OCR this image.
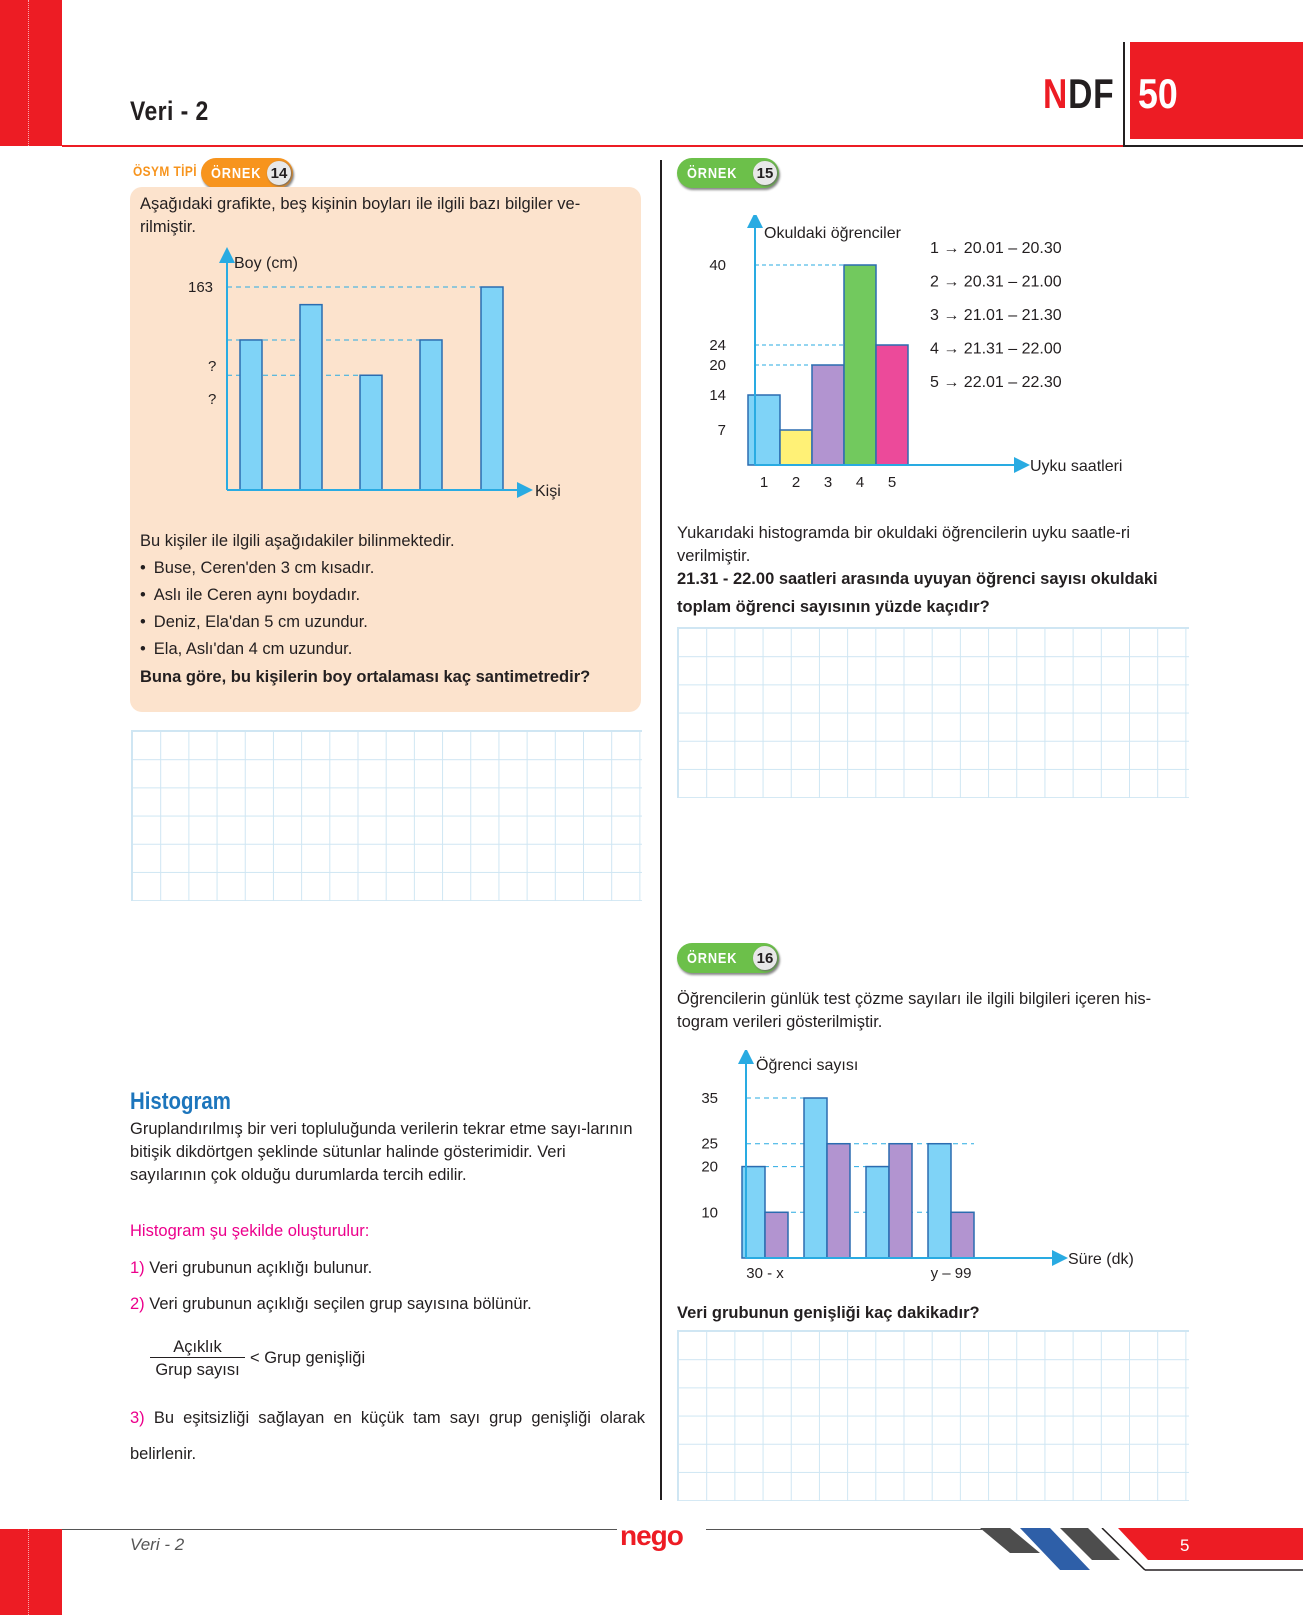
Veri - 2	NDF 50
ÖSYM TİPİ ÖRNEK 14
Aşağıdaki grafikte, beş kişinin boyları ile ilgili bazı bilgiler ve-rilmiştir.
Boy (cm)
Kişi
163
?
?
Bu kişiler ile ilgili aşağıdakiler bilinmektedir.
• Buse, Ceren'den 3 cm kısadır.
• Aslı ile Ceren aynı boydadır.
• Deniz, Ela'dan 5 cm uzundur.
• Ela, Aslı'dan 4 cm uzundur.
Buna göre, bu kişilerin boy ortalaması kaç santimetredir?
ÖRNEK 15
7
14
20
24
40
1 2 3 4 5
Okuldaki öğrenciler
Uyku saatleri
1 → 20.01 – 20.30
2 → 20.31 – 21.00
3 → 21.01 – 21.30
4 → 21.31 – 22.00
5 → 22.01 – 22.30
Yukarıdaki histogramda bir okuldaki öğrencilerin uyku saatle-ri verilmiştir.
21.31 - 22.00 saatleri arasında uyuyan öğrenci sayısı okuldaki
toplam öğrenci sayısının yüzde kaçıdır?
ÖRNEK 16
Öğrencilerin günlük test çözme sayıları ile ilgili bilgileri içeren his-togram verileri gösterilmiştir.
35
25
20
10
30 - x	y – 99
Öğrenci sayısı
Süre (dk)
Veri grubunun genişliği kaç dakikadır?
Histogram
Gruplandırılmış bir veri topluluğunda verilerin tekrar etme sayı-larının bitişik dikdörtgen şeklinde sütunlar halinde gösterimidir. Veri sayılarının çok olduğu durumlarda tercih edilir.
Histogram şu şekilde oluşturulur:
1) Veri grubunun açıklığı bulunur.
2) Veri grubunun açıklığı seçilen grup sayısına bölünür.
Açıklık
Grup sayısı
< Grup genişliği
3) Bu eşitsizliği sağlayan en küçük tam sayı grup genişliği olarak belirlenir.
Veri - 2	nego	5
